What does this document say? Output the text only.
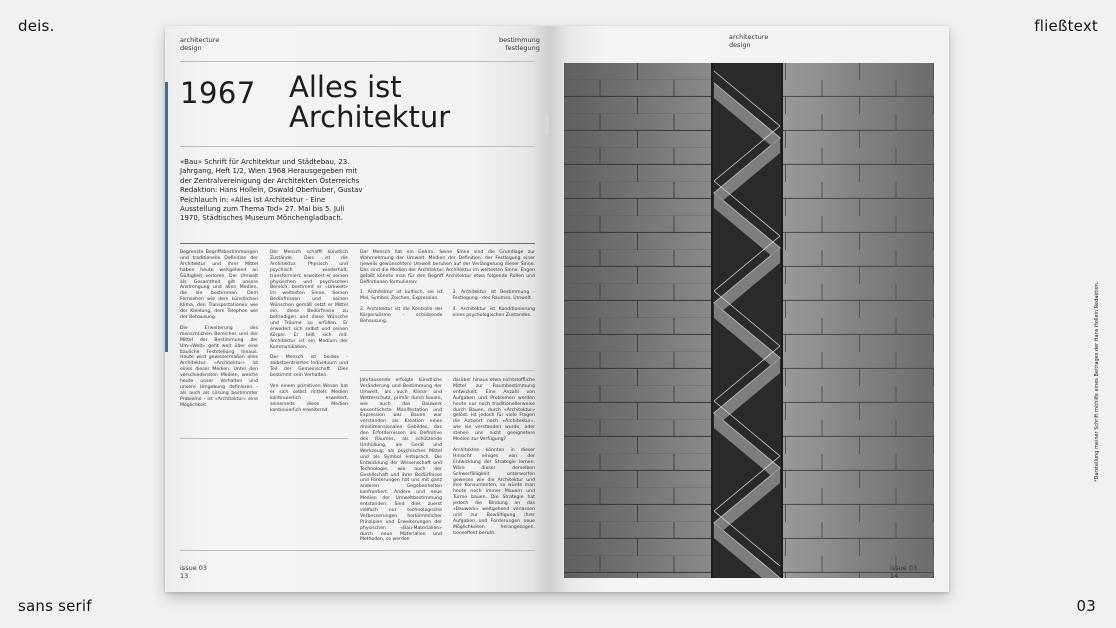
deis.	fließtext
sans serif	03
*Darstellung meiner Schrift mithilfe eines Beitrages der Hans Hollein Redaktion.
architecture
design
bestimmung
festlegung
1967 Alles ist
Architektur
«Bau» Schrift für Architektur und Städtebau, 23. Jahrgang, Heft 1/2, Wien 1968 Herausgegeben mit der Zentralvereinigung der Architekten Österreichs Redaktion: Hans Hollein, Oswald Oberhuber, Gustav Peichlauch in: «Alles ist Architektur - Eine Ausstellung zum Thema Tod» 27. Mai bis 5. Juli 1970, Städtisches Museum Mönchengladbach.

Begrenzte Begriffsbestimmungen und traditionelle Definition der Architektur und ihrer Mittel haben heute weitgehend an Gültigkeit verloren. Der Umwelt als Gesamtheit gilt unsere Anstrengung und allen Medien, die sie bestimmen. Dem Fernsehen wie dem künstlichen Klima, den Transportationen wie der Kleidung, dem Telephon wie der Behausung.

Die Erweiterung des menschlichen Bereiches und der Mittel der Bestimmung der Um-«Welt» geht weit über eine bauliche Feststellung hinaus. Heute wird gewissermaßen alles Architektur. «Architektur» ist eines dieser Medien. Unter den verschiedensten Medien, welche heute unser Verhalten und unsere Umgebung definieren - als auch als Lösung bestimmter Probleme - ist «Architektur» eine Möglichkeit.

Der Mensch schafft künstlich Zustände. Dies ist die Architektur. Physisch und psychisch wiederholt, transformiert, erweitert er seinen physischen und psychischen Bereich, bestimmt er «Umwelt» im weitesten Sinne. Seinen Bedürfnissen und seinen Wünschen gemäß setzt er Mittel ein, diese Bedürfnisse zu befriedigen und diese Wünsche und Träume zu erfüllen. Er erweitert sich selbst und seinen Körper. Er teilt sich mit. Architektur ist ein Medium der Kommunikation.

Der Mensch ist beides - selbstzentriertes Individuum und Teil der Gemeinschaft. Dies bestimmt sein Verhalten.

Von einem primitiven Wesen hat er sich selbst mittels Medien kontinuierlich erweitert, seinerseits diese Medien kontinuierlich erweiternd.

Der Mensch hat ein Gehirn. Seine Sinne sind die Grundlage zur Wahrnehmung der Umwelt. Medien der Definition, der Festlegung einer (jeweils gewünschten) Umwelt beruhen auf der Verlängerung dieser Sinne. Das sind die Medien der Architektur. Architektur im weitesten Sinne. Engen gefaßt könnte man für den Begriff Architektur etwa folgende Rollen und Definitionen formulieren:

1. Architektur ist kultisch, sie ist Mal, Symbol, Zeichen, Expression.

2. Architektur ist die Kontrolle der Körperwärme - schützende Behausung.

3. Architektur ist Bestimmung - Festlegung - des Raumes, Umwelt.

4. Architektur ist Konditionierung eines psychologischen Zustandes.

Jahrtausende erfolgte künstliche Veränderung und Bestimmung der Umwelt, als auch Klima- und Wetterschutz, primär durch bauen, wie auch das Bauwerk wesentlichste Manifestation und Expression war. Bauen war verstanden als Kreation eines dreidimensionalen Gebildes, das den Erfordernissen als Definitive des Raumes, als schützende Umhüllung, als Gerät und Werkzeug, als psychisches Mittel und als Symbol entsprach. Die Entwicklung der Wissenschaft und Technologie, wie auch der Gesellschaft und ihrer Bedürfnisse und Forderungen hat uns mit ganz anderen Gegebenheiten konfrontiert. Andere und neue Medien der Umweltbestimmung entstanden. Sind dies zuerst vielfach nur technologische Verbesserungen herkömmlicher Prinzipien und Erweiterungen der physischen «Bau-Materialien» durch neue Materialien und Methoden, so werden

darüber hinaus etwa nichtstoffliche Mittel zur Raumbestimmung entwickelt. Eine Anzahl von Aufgaben und Problemen werden heute nur noch traditionellerweise durch Bauen, durch «Architektur» gelöst. Ist jedoch für viele Fragen die Antwort noch «Architektur», wie sie verstanden wurde, oder stehen uns nicht geeignetere Medien zur Verfügung?

Architekten könnten in dieser Hinsicht einiges von der Entwicklung der Strategie lernen. Wäre dieser derselben Schwerfälligkeit unterworfen gewesen wie die Architektur und ihre Konsumenten, so würde man heute noch immer Mauern und Türme bauen. Die Strategie hat jedoch die Bindung an das «Bauwerk» weitgehend verlassen und zur Bewältigung ihrer Aufgaben und Forderungen neue Möglichkeiten herangezogen. tionseffekt beruht.

issue 03
13
architecture
design
issue 03
14
